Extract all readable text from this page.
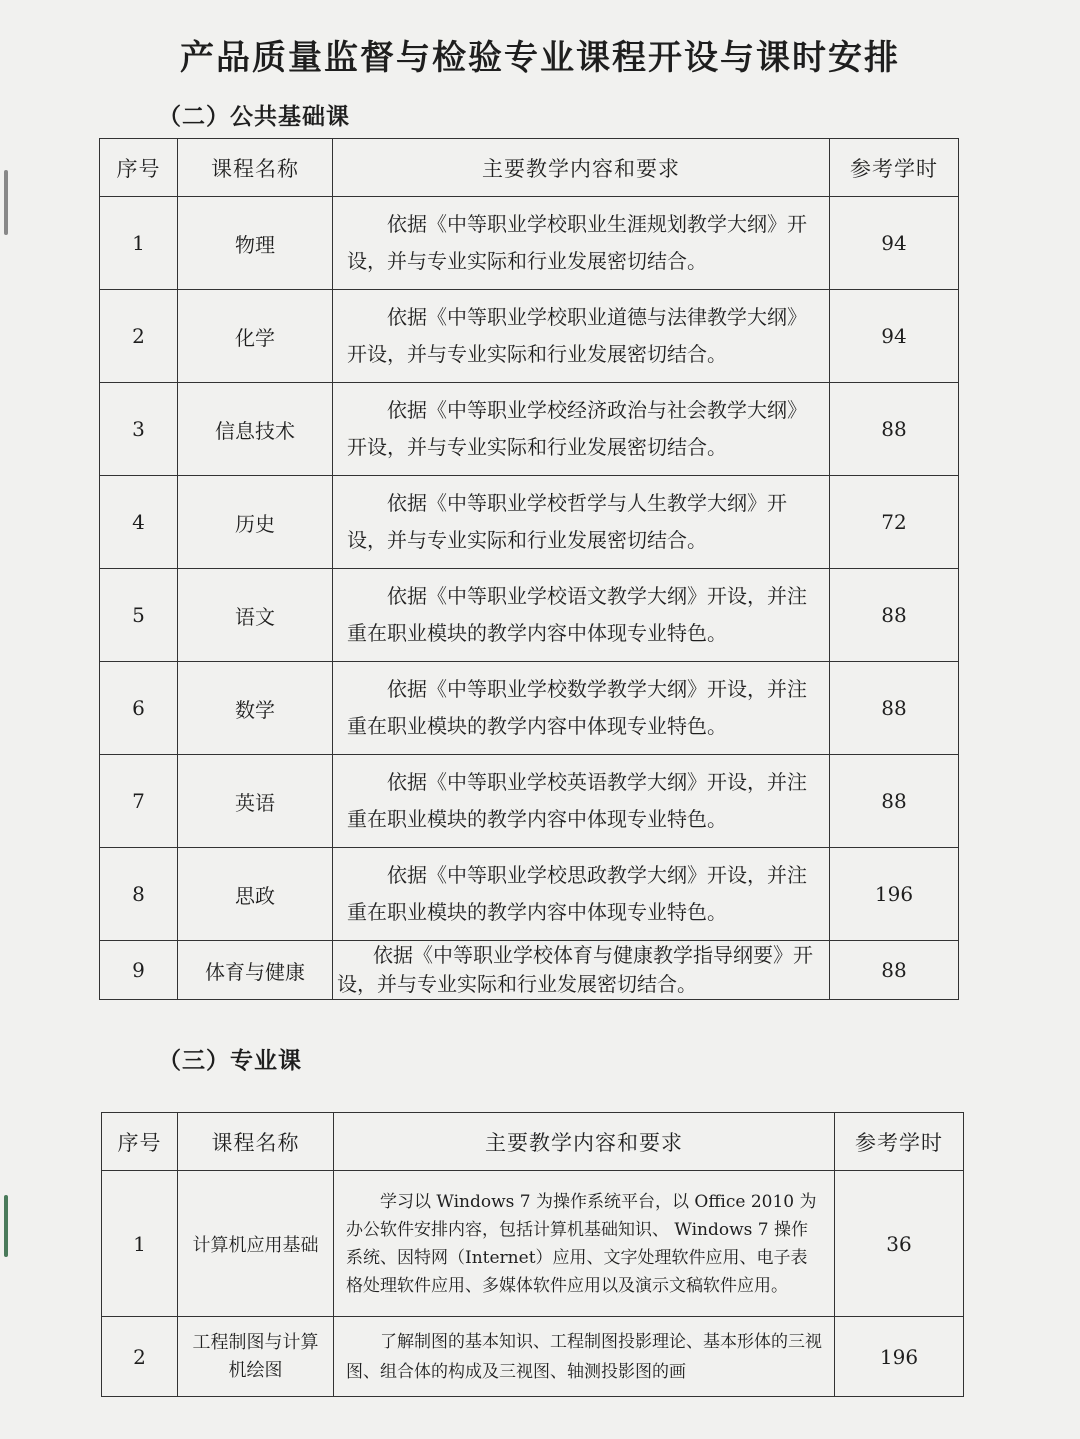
产品质量监督与检验专业课程开设与课时安排
（二）公共基础课
序号	课程名称	主要教学内容和要求	参考学时
1	物理	依据《中等职业学校职业生涯规划教学大纲》开设，并与专业实际和行业发展密切结合。	94
2	化学	依据《中等职业学校职业道德与法律教学大纲》开设，并与专业实际和行业发展密切结合。	94
3	信息技术	依据《中等职业学校经济政治与社会教学大纲》开设，并与专业实际和行业发展密切结合。	88
4	历史	依据《中等职业学校哲学与人生教学大纲》开设，并与专业实际和行业发展密切结合。	72
5	语文	依据《中等职业学校语文教学大纲》开设，并注重在职业模块的教学内容中体现专业特色。	88
6	数学	依据《中等职业学校数学教学大纲》开设，并注重在职业模块的教学内容中体现专业特色。	88
7	英语	依据《中等职业学校英语教学大纲》开设，并注重在职业模块的教学内容中体现专业特色。	88
8	思政	依据《中等职业学校思政教学大纲》开设，并注重在职业模块的教学内容中体现专业特色。	196
9	体育与健康	依据《中等职业学校体育与健康教学指导纲要》开设，并与专业实际和行业发展密切结合。	88
（三）专业课
序号	课程名称	主要教学内容和要求	参考学时
1	计算机应用基础	学习以 Windows 7 为操作系统平台，以 Office 2010 为办公软件安排内容，包括计算机基础知识、 Windows 7 操作系统、因特网（Internet）应用、文字处理软件应用、电子表格处理软件应用、多媒体软件应用以及演示文稿软件应用。	36
2	工程制图与计算机绘图	了解制图的基本知识、工程制图投影理论、基本形体的三视图、组合体的构成及三视图、轴测投影图的画	196
